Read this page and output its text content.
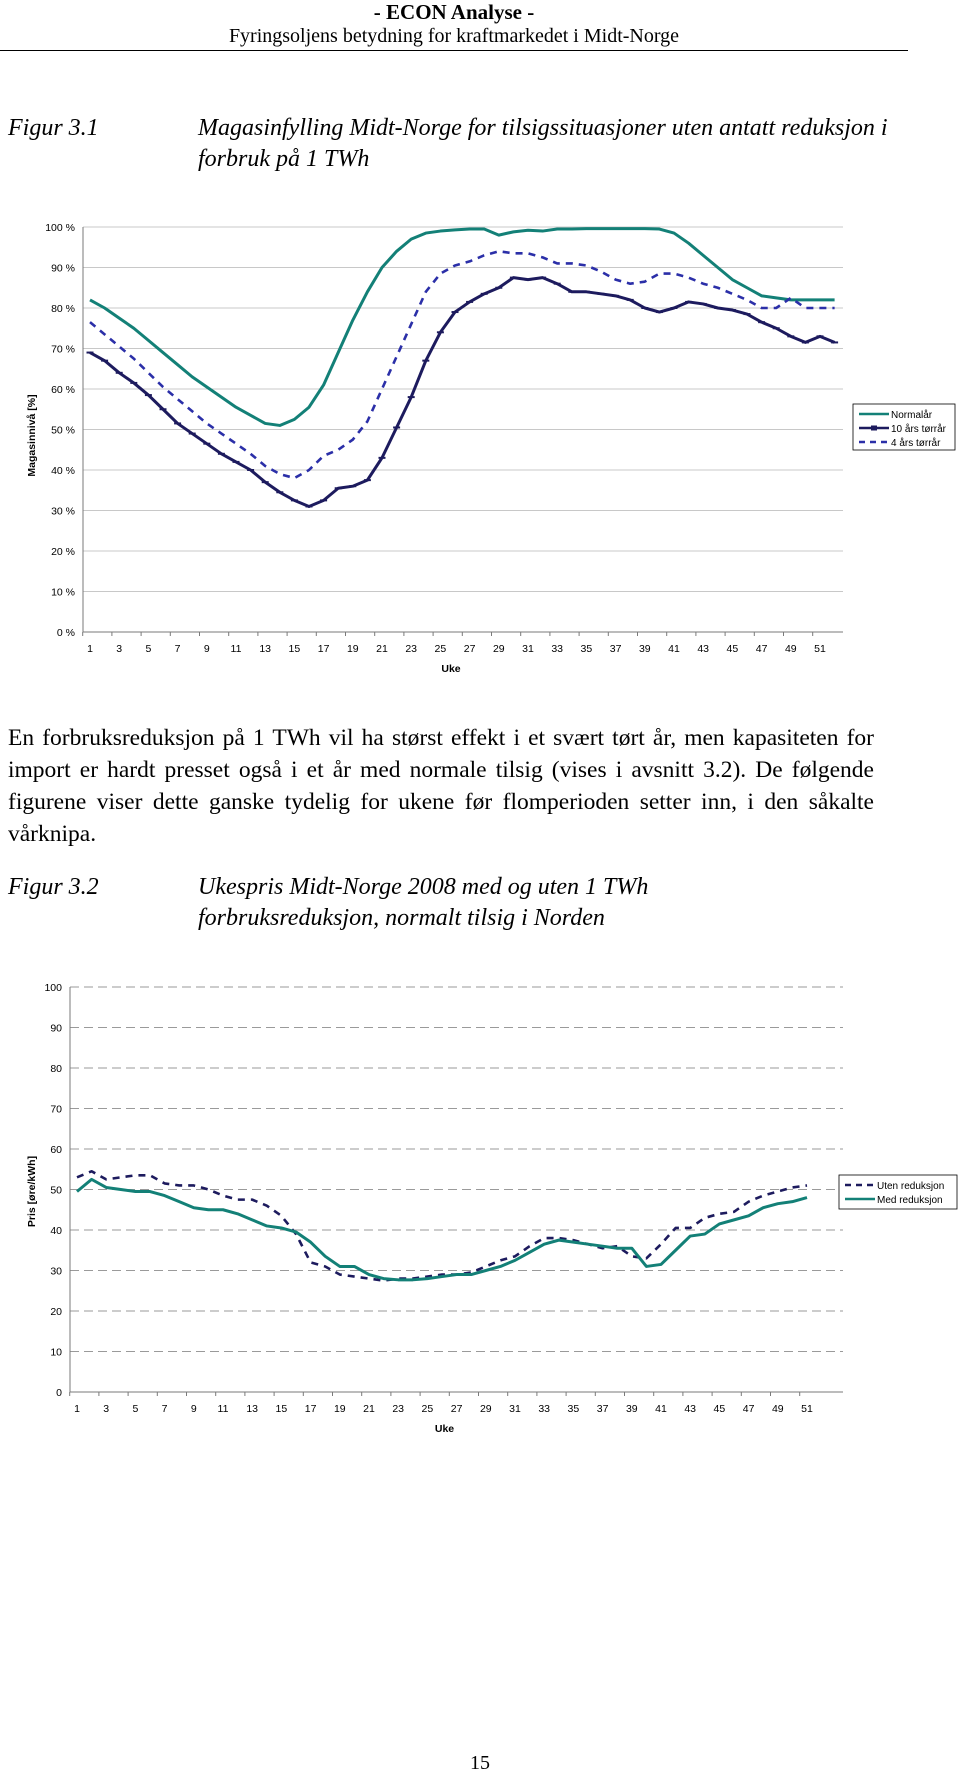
- ECON Analyse -
Fyringsoljens betydning for kraftmarkedet i Midt-Norge
Figur 3.1	Magasinfylling Midt-Norge for tilsigssituasjoner uten antatt reduksjon i forbruk på 1 TWh
0 %
10 %
20 %
30 %
40 %
50 %
60 %
70 %
80 %
90 %
100 %
1 3 5 7 9 11 13 15 17 19 21 23 25 27 29 31 33 35 37 39 41 43 45 47 49 51
Uke
Magasinnivå [%]	Normalår
10 års tørrår
4 års tørrår
En forbruksreduksjon på 1 TWh vil ha størst effekt i et svært tørt år, men kapasiteten for import er hardt presset også i et år med normale tilsig (vises i avsnitt 3.2). De følgende figurene viser dette ganske tydelig for ukene før flomperioden setter inn, i den såkalte vårknipa.
Figur 3.2	Ukespris Midt-Norge 2008 med og uten 1 TWh forbruksreduksjon, normalt tilsig i Norden
0
10
20
30
40
50
60
70
80
90
100
1 3 5 7 9 11 13 15 17 19 21 23 25 27 29 31 33 35 37 39 41 43 45 47 49 51
Uke
Pris [øre/kWh]	Uten reduksjon
Med reduksjon
15
